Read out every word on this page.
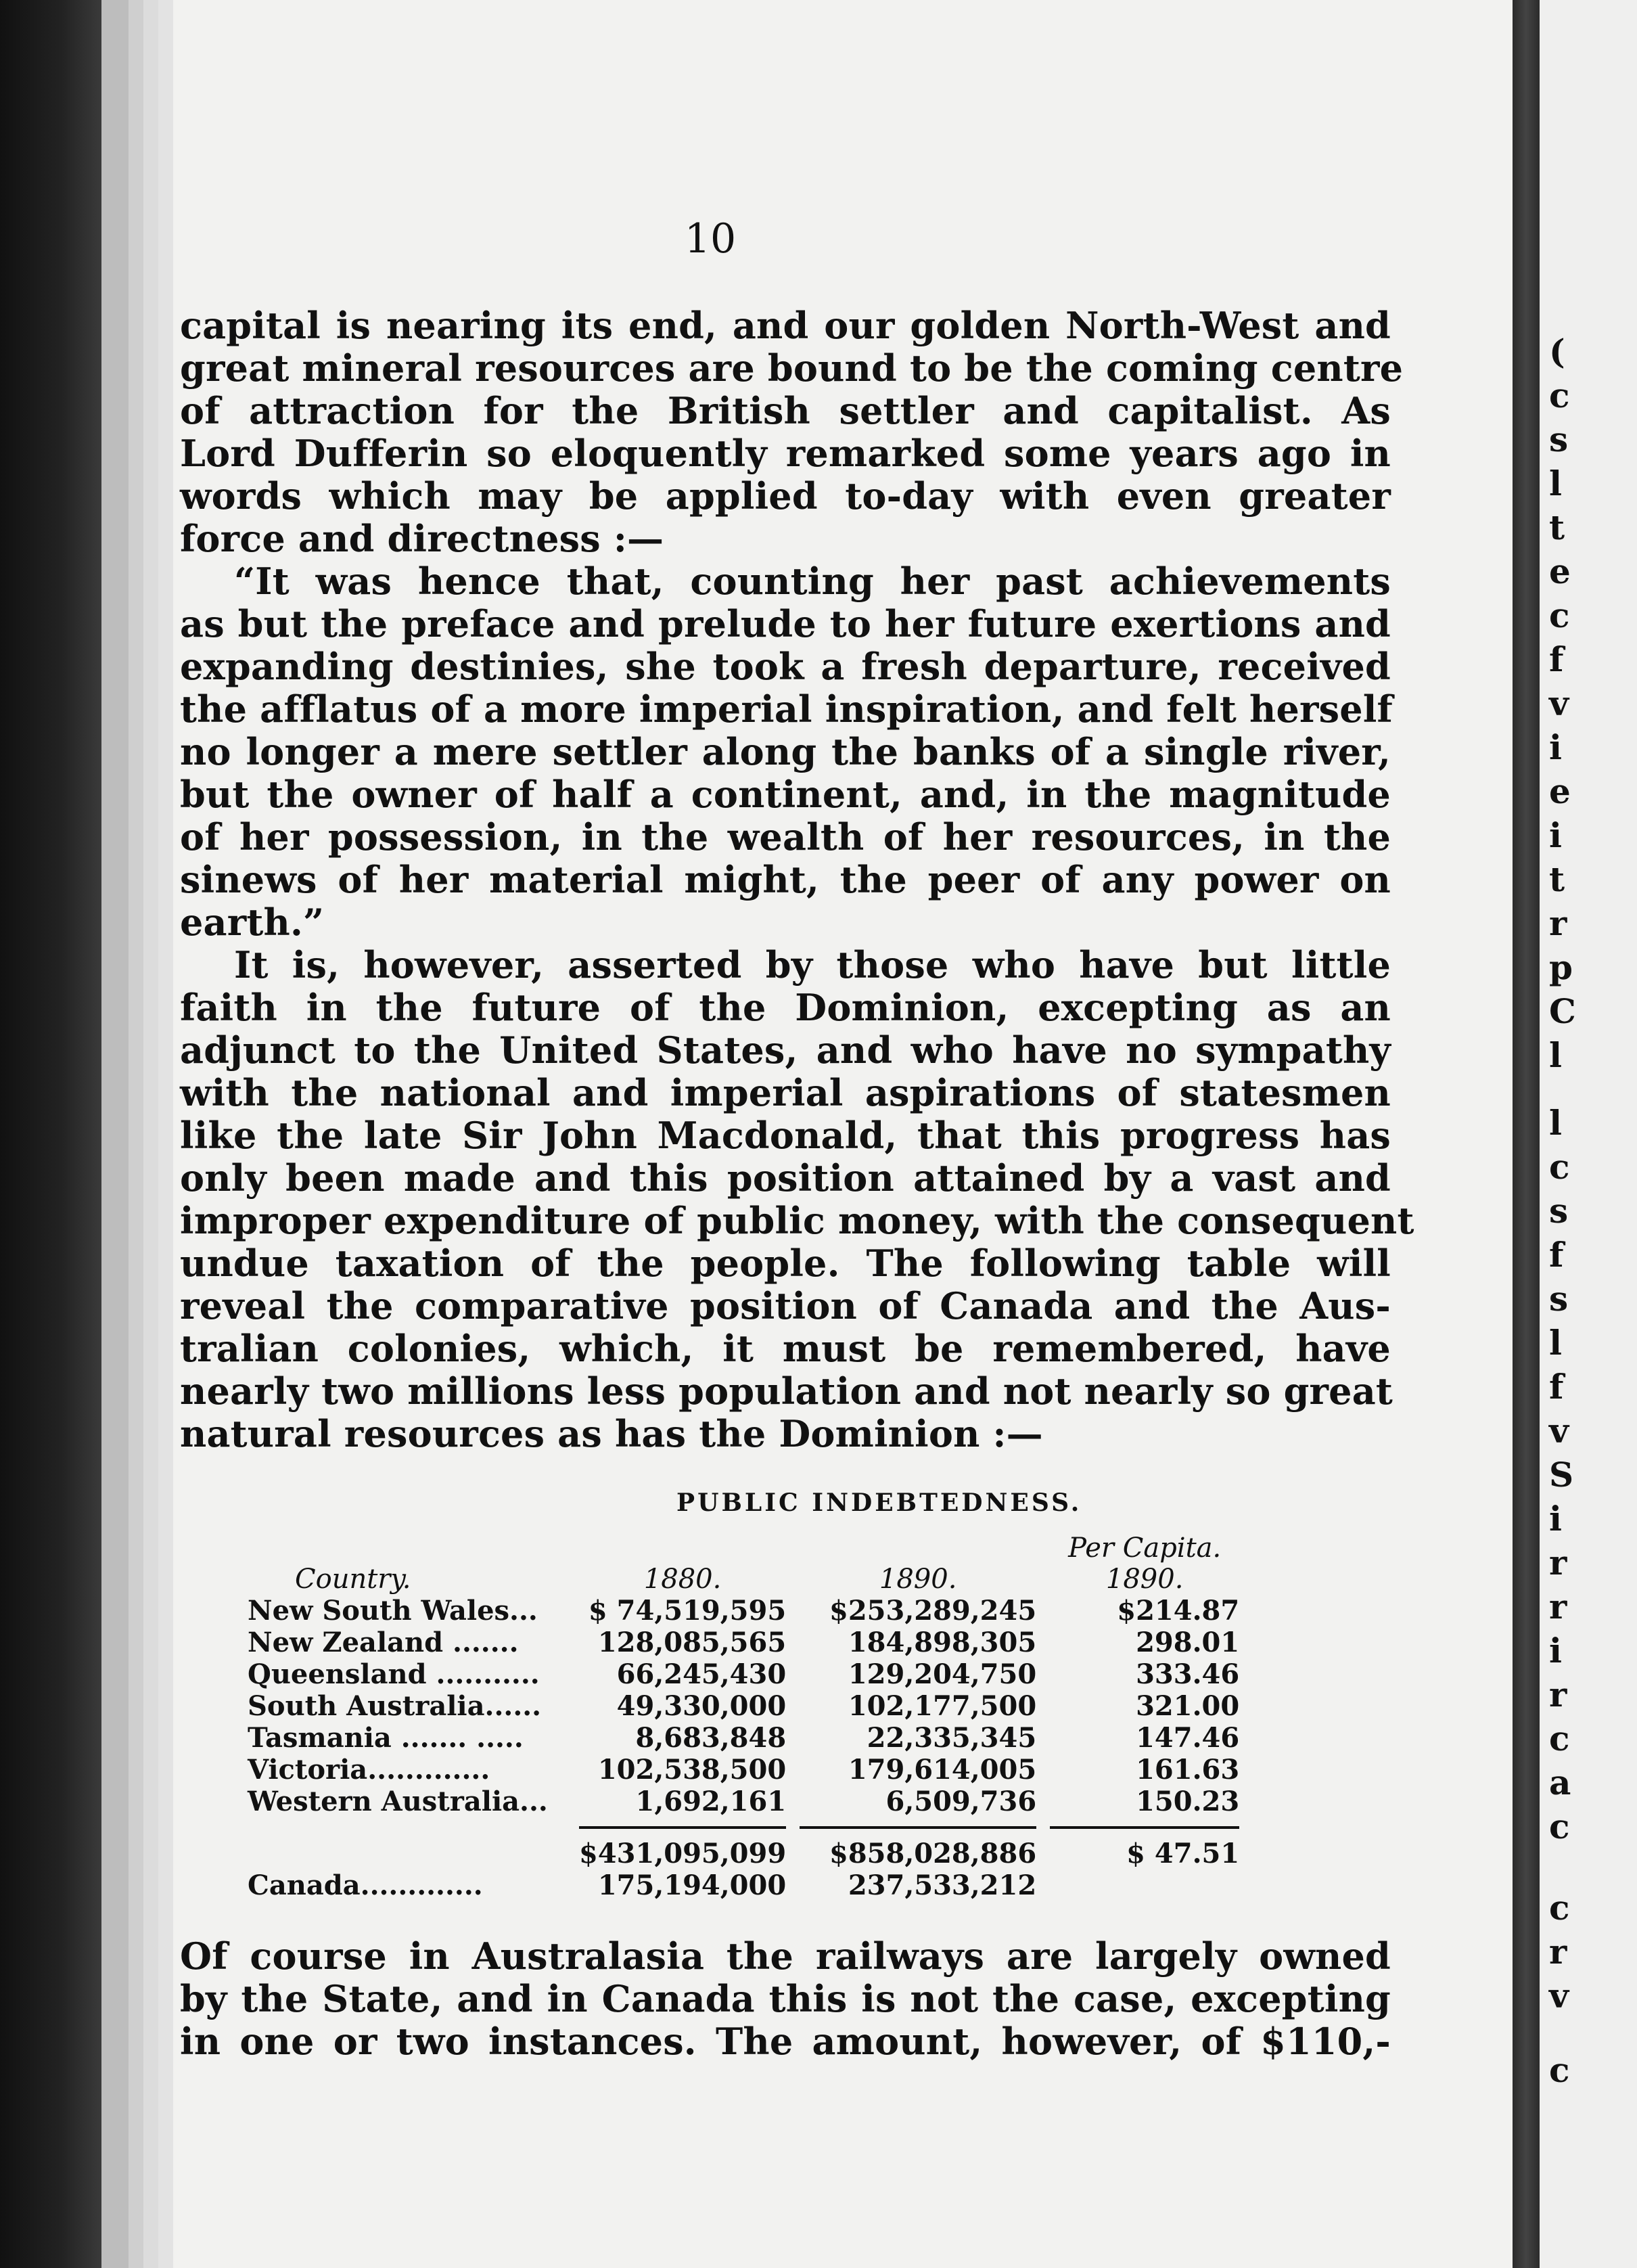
(
c
s
l
t
e
c
f
v
i
e
i
t
r
p
C
l
l
c
s
f
s
l
f
v
S
i
r
r
i
r
c
a
c
c
r
v
c
10
capital is nearing its end, and our golden North-West and
great mineral resources are bound to be the coming centre
of attraction for the British settler and capitalist. As
Lord Dufferin so eloquently remarked some years ago in
words which may be applied to-day with even greater
force and directness :—
“It was hence that, counting her past achievements
as but the preface and prelude to her future exertions and
expanding destinies, she took a fresh departure, received
the afflatus of a more imperial inspiration, and felt herself
no longer a mere settler along the banks of a single river,
but the owner of half a continent, and, in the magnitude
of her possession, in the wealth of her resources, in the
sinews of her material might, the peer of any power on
earth.”
It is, however, asserted by those who have but little
faith in the future of the Dominion, excepting as an
adjunct to the United States, and who have no sympathy
with the national and imperial aspirations of statesmen
like the late Sir John Macdonald, that this progress has
only been made and this position attained by a vast and
improper expenditure of public money, with the consequent
undue taxation of the people. The following table will
reveal the comparative position of Canada and the Aus-
tralian colonies, which, it must be remembered, have
nearly two millions less population and not nearly so great
natural resources as has the Dominion :—
PUBLIC INDEBTEDNESS.
			Per Capita.
Country.	1880.	1890.	1890.
New South Wales...	$ 74,519,595	$253,289,245	$214.87
New Zealand .......	128,085,565	184,898,305	298.01
Queensland ...........	66,245,430	129,204,750	333.46
South Australia......	49,330,000	102,177,500	321.00
Tasmania ....... .....	8,683,848	22,335,345	147.46
Victoria.............	102,538,500	179,614,005	161.63
Western Australia...	1,692,161	6,509,736	150.23

	$431,095,099	$858,028,886	$ 47.51
Canada.............	175,194,000	237,533,212	
Of course in Australasia the railways are largely owned
by the State, and in Canada this is not the case, excepting
in one or two instances. The amount, however, of $110,-
